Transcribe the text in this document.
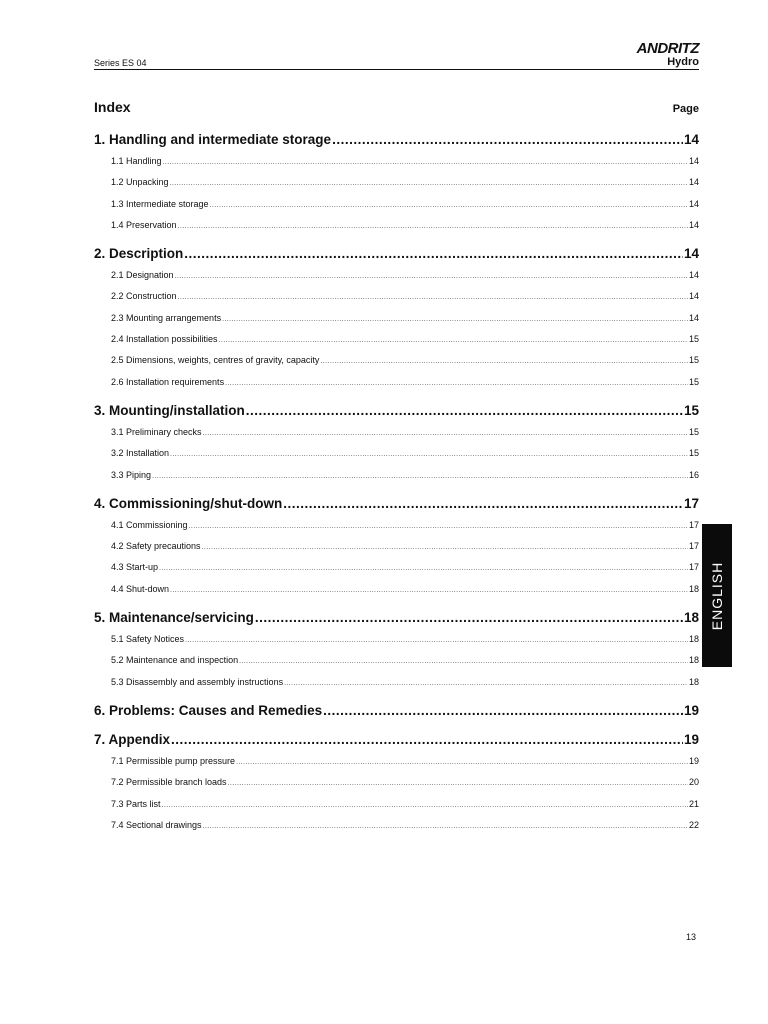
Series ES 04
ANDRITZ
Hydro
Index	Page
1. Handling and intermediate storage .....	14
1.1 Handling .....	14
1.2 Unpacking .....	14
1.3 Intermediate storage .....	14
1.4 Preservation .....	14
2. Description .....	14
2.1 Designation .....	14
2.2 Construction .....	14
2.3 Mounting arrangements .....	14
2.4 Installation possibilities .....	15
2.5 Dimensions, weights, centres of gravity, capacity .....	15
2.6 Installation requirements .....	15
3. Mounting/installation .....	15
3.1 Preliminary checks .....	15
3.2 Installation .....	15
3.3 Piping .....	16
4. Commissioning/shut-down .....	17
4.1 Commissioning .....	17
4.2 Safety precautions .....	17
4.3 Start-up .....	17
4.4 Shut-down .....	18
5. Maintenance/servicing .....	18
5.1 Safety Notices .....	18
5.2 Maintenance and inspection .....	18
5.3 Disassembly and assembly instructions .....	18
6. Problems: Causes and Remedies .....	19
7. Appendix .....	19
7.1 Permissible pump pressure .....	19
7.2 Permissible branch loads .....	20
7.3 Parts list .....	21
7.4 Sectional drawings .....	22
ENGLISH
13
